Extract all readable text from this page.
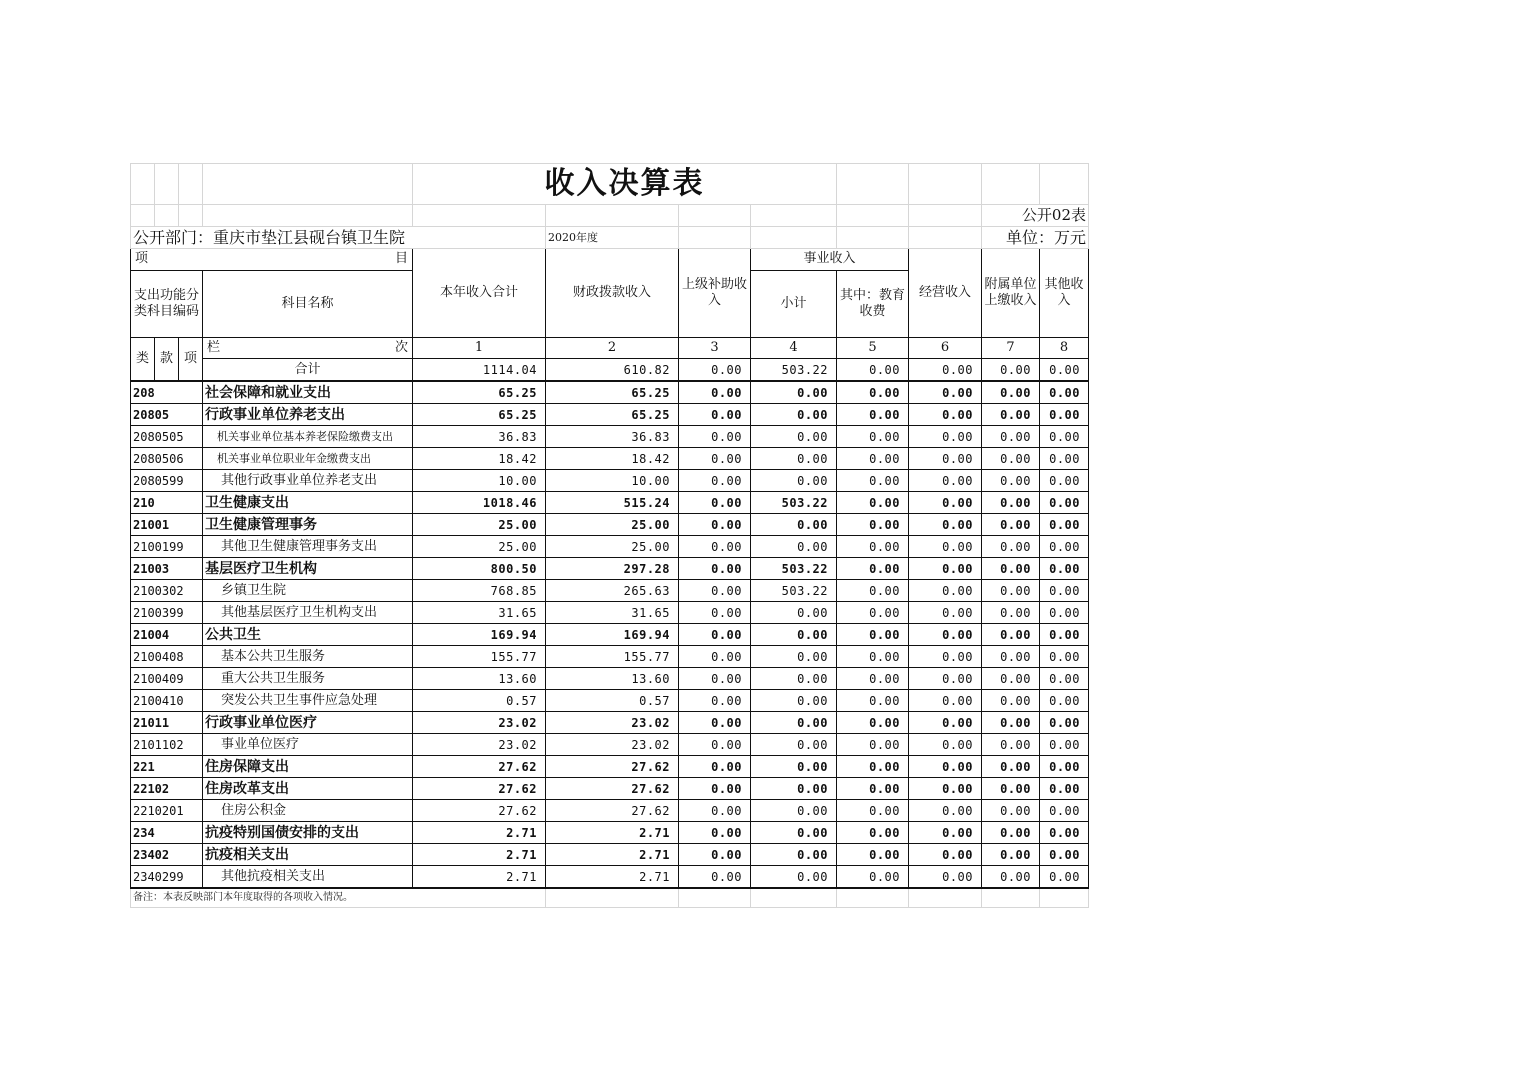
				收入决算表							
										公开02表	
公开部门：重庆市垫江县砚台镇卫生院					2020年度					单位：万元	
项 目				本年收入合计	财政拨款收入	上级补助收入	事业收入		经营收入	附属单位上缴收入	其他收入
支出功能分类科目编码			科目名称				小计	其中：教育收费			
类	款	项	栏 次	1	2	3	4	5	6	7	8
			合计	1114.04	610.82	0.00	503.22	0.00	0.00	0.00	0.00
208			社会保障和就业支出	65.25	65.25	0.00	0.00	0.00	0.00	0.00	0.00
20805			行政事业单位养老支出	65.25	65.25	0.00	0.00	0.00	0.00	0.00	0.00
2080505			机关事业单位基本养老保险缴费支出	36.83	36.83	0.00	0.00	0.00	0.00	0.00	0.00
2080506			机关事业单位职业年金缴费支出	18.42	18.42	0.00	0.00	0.00	0.00	0.00	0.00
2080599			其他行政事业单位养老支出	10.00	10.00	0.00	0.00	0.00	0.00	0.00	0.00
210			卫生健康支出	1018.46	515.24	0.00	503.22	0.00	0.00	0.00	0.00
21001			卫生健康管理事务	25.00	25.00	0.00	0.00	0.00	0.00	0.00	0.00
2100199			其他卫生健康管理事务支出	25.00	25.00	0.00	0.00	0.00	0.00	0.00	0.00
21003			基层医疗卫生机构	800.50	297.28	0.00	503.22	0.00	0.00	0.00	0.00
2100302			乡镇卫生院	768.85	265.63	0.00	503.22	0.00	0.00	0.00	0.00
2100399			其他基层医疗卫生机构支出	31.65	31.65	0.00	0.00	0.00	0.00	0.00	0.00
21004			公共卫生	169.94	169.94	0.00	0.00	0.00	0.00	0.00	0.00
2100408			基本公共卫生服务	155.77	155.77	0.00	0.00	0.00	0.00	0.00	0.00
2100409			重大公共卫生服务	13.60	13.60	0.00	0.00	0.00	0.00	0.00	0.00
2100410			突发公共卫生事件应急处理	0.57	0.57	0.00	0.00	0.00	0.00	0.00	0.00
21011			行政事业单位医疗	23.02	23.02	0.00	0.00	0.00	0.00	0.00	0.00
2101102			事业单位医疗	23.02	23.02	0.00	0.00	0.00	0.00	0.00	0.00
221			住房保障支出	27.62	27.62	0.00	0.00	0.00	0.00	0.00	0.00
22102			住房改革支出	27.62	27.62	0.00	0.00	0.00	0.00	0.00	0.00
2210201			住房公积金	27.62	27.62	0.00	0.00	0.00	0.00	0.00	0.00
234			抗疫特别国债安排的支出	2.71	2.71	0.00	0.00	0.00	0.00	0.00	0.00
23402			抗疫相关支出	2.71	2.71	0.00	0.00	0.00	0.00	0.00	0.00
2340299			其他抗疫相关支出	2.71	2.71	0.00	0.00	0.00	0.00	0.00	0.00
备注：本表反映部门本年度取得的各项收入情况。											
